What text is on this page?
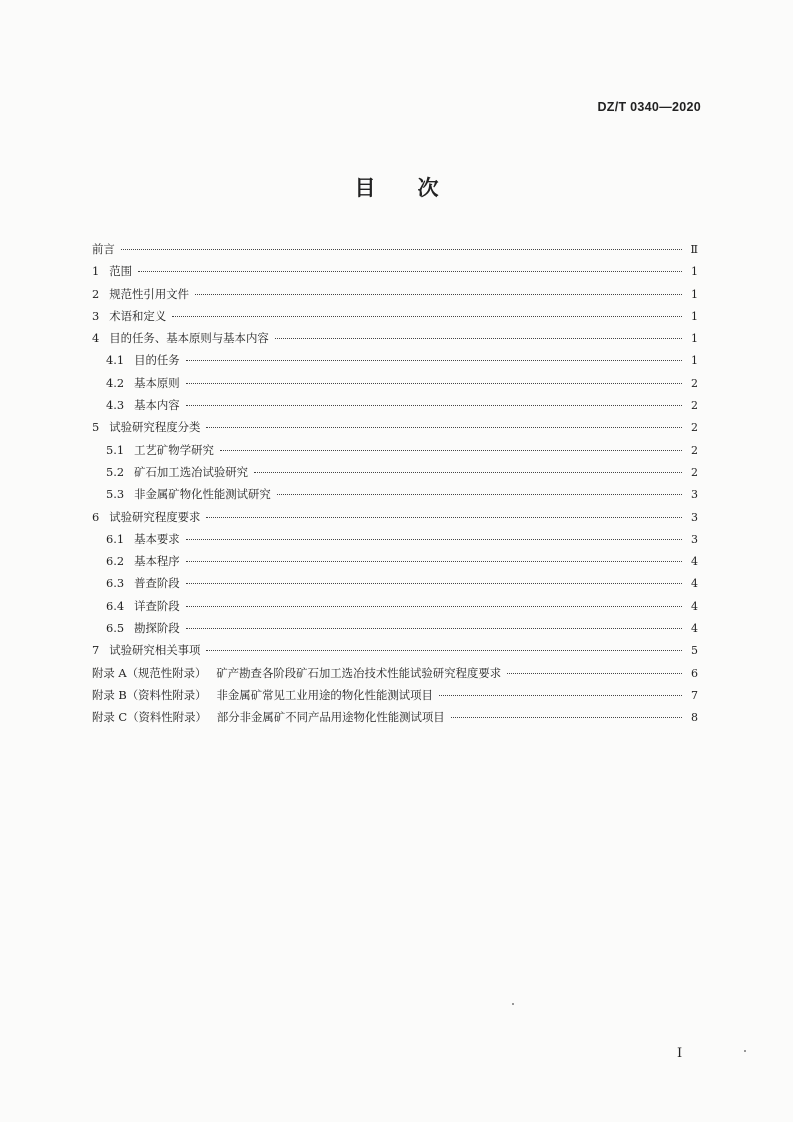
DZ/T 0340—2020
目次
前言	Ⅱ
1 范围	1
2 规范性引用文件	1
3 术语和定义	1
4 目的任务、基本原则与基本内容	1
4.1 目的任务	1
4.2 基本原则	2
4.3 基本内容	2
5 试验研究程度分类	2
5.1 工艺矿物学研究	2
5.2 矿石加工选冶试验研究	2
5.3 非金属矿物化性能测试研究	3
6 试验研究程度要求	3
6.1 基本要求	3
6.2 基本程序	4
6.3 普查阶段	4
6.4 详查阶段	4
6.5 勘探阶段	4
7 试验研究相关事项	5
附录 A（规范性附录） 矿产勘查各阶段矿石加工选冶技术性能试验研究程度要求	6
附录 B（资料性附录） 非金属矿常见工业用途的物化性能测试项目	7
附录 C（资料性附录） 部分非金属矿不同产品用途物化性能测试项目	8
I
